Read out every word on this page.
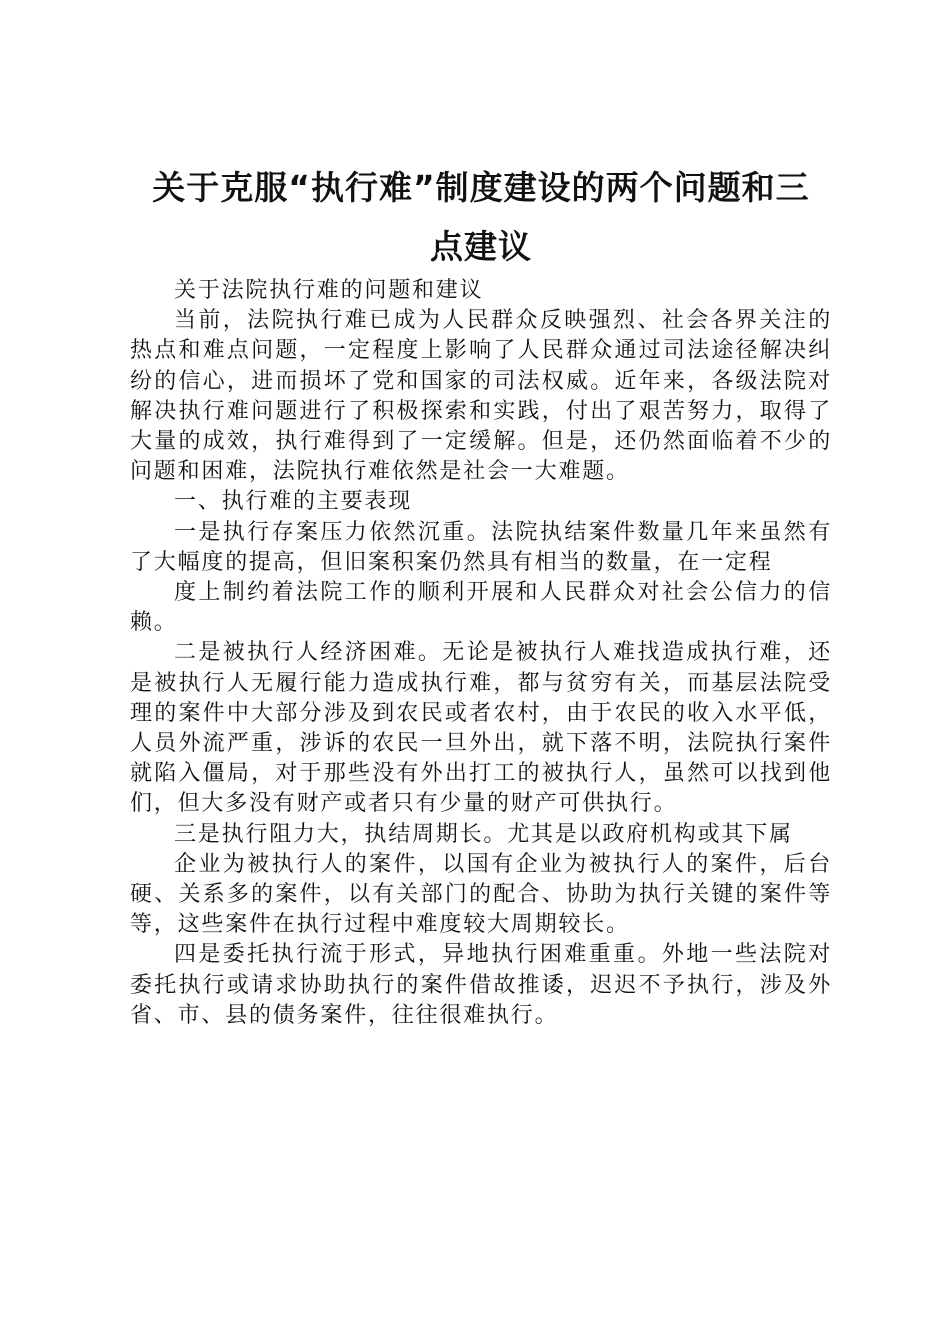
关于克服“执行难”制度建设的两个问题和三
点建议

关于法院执行难的问题和建议

当前，法院执行难已成为人民群众反映强烈、社会各界关注的热点和难点问题，一定程度上影响了人民群众通过司法途径解决纠纷的信心，进而损坏了党和国家的司法权威。近年来，各级法院对解决执行难问题进行了积极探索和实践，付出了艰苦努力，取得了大量的成效，执行难得到了一定缓解。但是，还仍然面临着不少的问题和困难，法院执行难依然是社会一大难题。

一、执行难的主要表现

一是执行存案压力依然沉重。法院执结案件数量几年来虽然有了大幅度的提高，但旧案积案仍然具有相当的数量，在一定程

度上制约着法院工作的顺利开展和人民群众对社会公信力的信赖。

二是被执行人经济困难。无论是被执行人难找造成执行难，还是被执行人无履行能力造成执行难，都与贫穷有关，而基层法院受理的案件中大部分涉及到农民或者农村，由于农民的收入水平低，人员外流严重，涉诉的农民一旦外出，就下落不明，法院执行案件就陷入僵局，对于那些没有外出打工的被执行人，虽然可以找到他们，但大多没有财产或者只有少量的财产可供执行。

三是执行阻力大，执结周期长。尤其是以政府机构或其下属

企业为被执行人的案件，以国有企业为被执行人的案件，后台硬、关系多的案件，以有关部门的配合、协助为执行关键的案件等等，这些案件在执行过程中难度较大周期较长。

四是委托执行流于形式，异地执行困难重重。外地一些法院对委托执行或请求协助执行的案件借故推诿，迟迟不予执行，涉及外省、市、县的债务案件，往往很难执行。
